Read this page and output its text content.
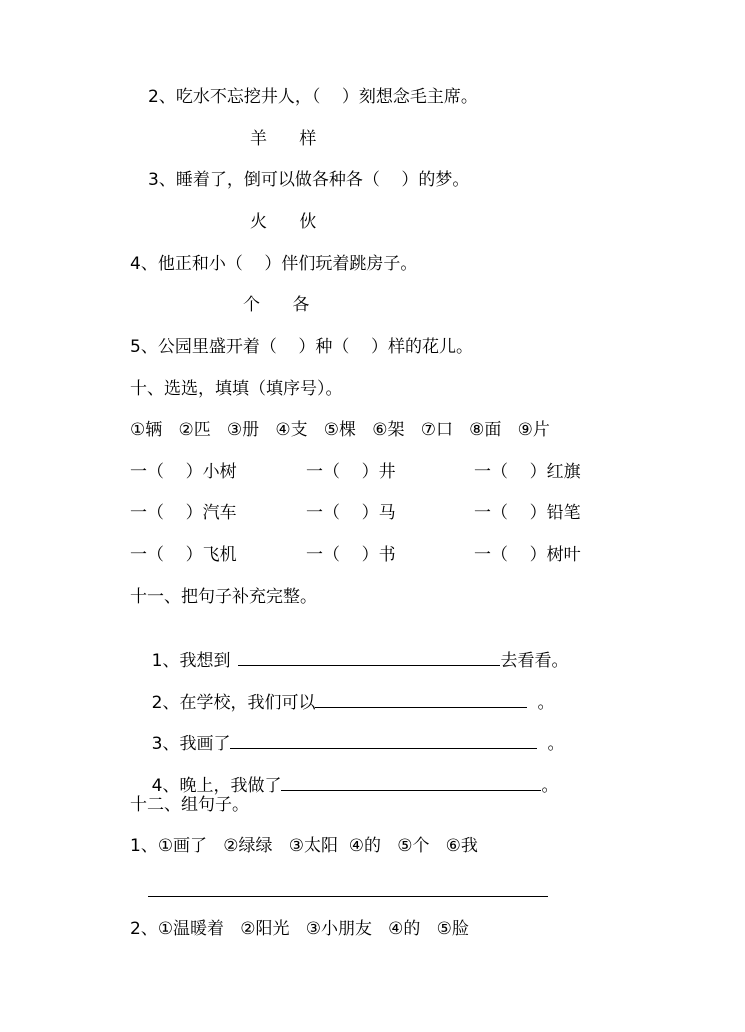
2、吃水不忘挖井人，（    ）刻想念毛主席。
羊      样
3、睡着了，倒可以做各种各（    ）的梦。
火      伙
4、他正和小（    ）伴们玩着跳房子。
个      各
5、公园里盛开着（    ）种（    ）样的花儿。
十、选选，填填（填序号）。
①辆   ②匹   ③册   ④支   ⑤棵   ⑥架   ⑦口   ⑧面   ⑨片
一（    ）小树	一（    ）井	一（    ）红旗
一（    ）汽车	一（    ）马	一（    ）铅笔
一（    ）飞机	一（    ）书	一（    ）树叶
十一、把句子补充完整。

1、我想到	去看看。

2、在学校，我们可以	。

3、我画了	。

4、晚上，我做了	。

十二、组句子。
1、①画了   ②绿绿   ③太阳  ④的   ⑤个   ⑥我
2、①温暖着   ②阳光   ③小朋友   ④的   ⑤脸
